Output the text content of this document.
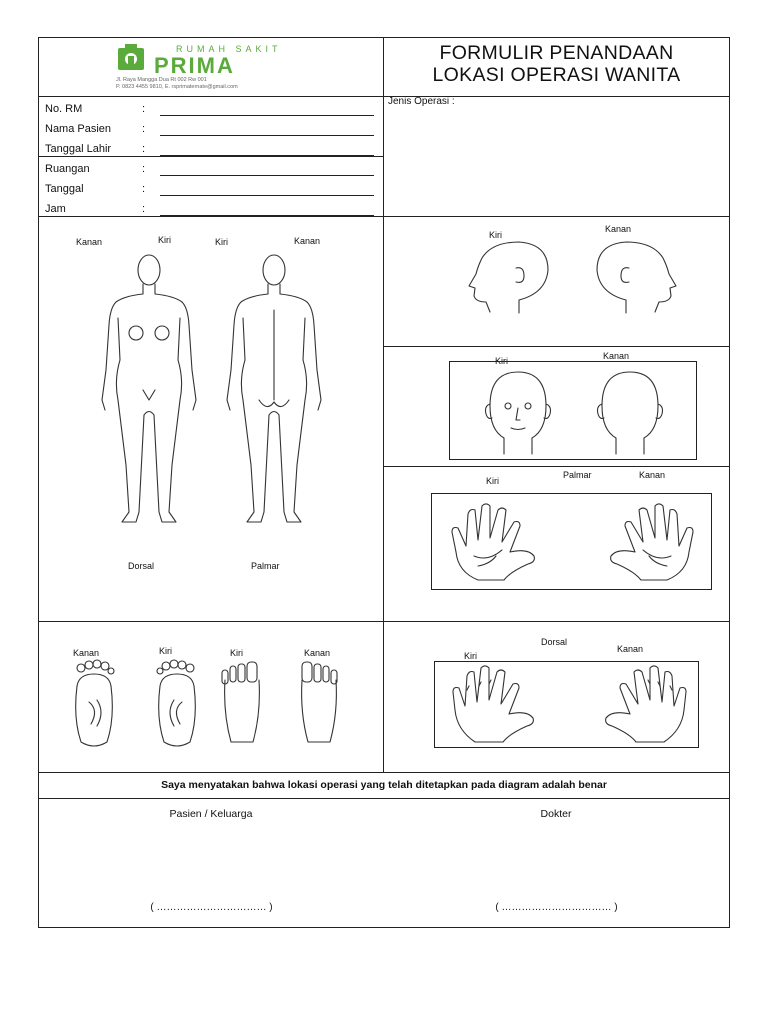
RUMAH SAKIT
PRIMA
Jl. Raya Mangga Dua Rt 002 Rw 001
P. 0823 4455 9810, E. rsprimaternate@gmail.com
FORMULIR PENANDAAN
LOKASI OPERASI WANITA
No. RM	:
Nama Pasien	:
Tanggal Lahir	:
Ruangan	:
Tanggal	:
Jam	:
Jenis Operasi :
Kanan	Kiri	Kiri	Kanan
Dorsal	Palmar
Kiri
Kanan
Kiri	Kanan
Kiri
Palmar	Kanan
Kanan	Kiri	Kiri	Kanan	Kiri
Dorsal
Kanan
Saya menyatakan bahwa lokasi operasi yang telah ditetapkan pada diagram adalah benar
Pasien / Keluarga	Dokter
( …………………………… )	( …………………………… )
